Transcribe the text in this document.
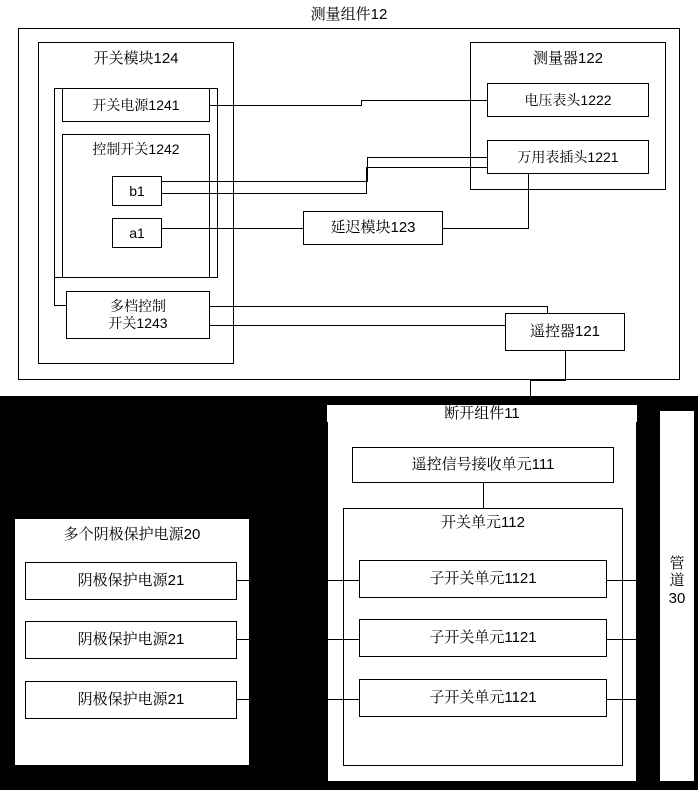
测量组件12
开关模块124
开关电源1241
控制开关1242
b1
a1
多档控制
开关1243
测量器122
电压表头1222
万用表插头1221
延迟模块123
遥控器121
断开组件11
遥控信号接收单元111
开关单元112
子开关单元1121
子开关单元1121
子开关单元1121
多个阴极保护电源20
阴极保护电源21
阴极保护电源21
阴极保护电源21
管
道
30
